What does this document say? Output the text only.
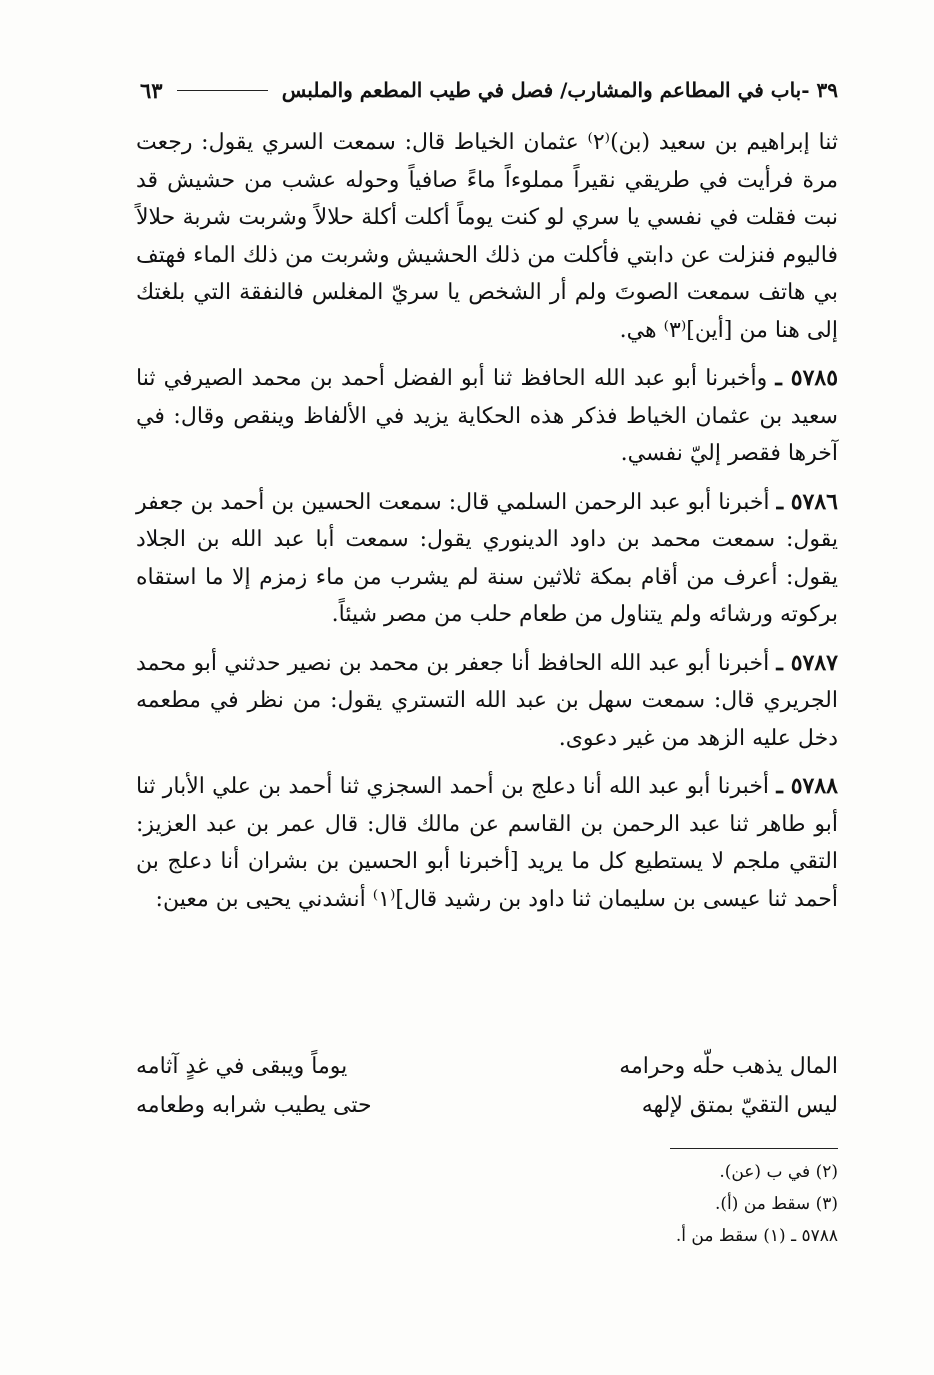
٣٩ -باب في المطاعم والمشارب/ فصل في طيب المطعم والملبس
٦٣

ثنا إبراهيم بن سعيد (بن)⁽٢⁾ عثمان الخياط قال: سمعت السري يقول: رجعت مرة فرأيت في طريقي نقيراً مملوءاً ماءً صافياً وحوله عشب من حشيش قد نبت فقلت في نفسي يا سري لو كنت يوماً أكلت أكلة حلالاً وشربت شربة حلالاً فاليوم فنزلت عن دابتي فأكلت من ذلك الحشيش وشربت من ذلك الماء فهتف بي هاتف سمعت الصوتَ ولم أر الشخص يا سريّ المغلس فالنفقة التي بلغتك إلى هنا من [أين]⁽٣⁾ هي.

٥٧٨٥ ـ وأخبرنا أبو عبد الله الحافظ ثنا أبو الفضل أحمد بن محمد الصيرفي ثنا سعيد بن عثمان الخياط فذكر هذه الحكاية يزيد في الألفاظ وينقص وقال: في آخرها فقصر إليّ نفسي.

٥٧٨٦ ـ أخبرنا أبو عبد الرحمن السلمي قال: سمعت الحسين بن أحمد بن جعفر يقول: سمعت محمد بن داود الدينوري يقول: سمعت أبا عبد الله بن الجلاد يقول: أعرف من أقام بمكة ثلاثين سنة لم يشرب من ماء زمزم إلا ما استقاه بركوته ورشائه ولم يتناول من طعام حلب من مصر شيئاً.

٥٧٨٧ ـ أخبرنا أبو عبد الله الحافظ أنا جعفر بن محمد بن نصير حدثني أبو محمد الجريري قال: سمعت سهل بن عبد الله التستري يقول: من نظر في مطعمه دخل عليه الزهد من غير دعوى.

٥٧٨٨ ـ أخبرنا أبو عبد الله أنا دعلج بن أحمد السجزي ثنا أحمد بن علي الأبار ثنا أبو طاهر ثنا عبد الرحمن بن القاسم عن مالك قال: قال عمر بن عبد العزيز: التقي ملجم لا يستطيع كل ما يريد [أخبرنا أبو الحسين بن بشران أنا دعلج بن أحمد ثنا عيسى بن سليمان ثنا داود بن رشيد قال]⁽١⁾ أنشدني يحيى بن معين:

المال يذهب حلّه وحرامه
يوماً ويبقى في غدٍ آثامه
ليس التقيّ بمتق لإلهه
حتى يطيب شرابه وطعامه
(٢) في ب (عن).
(٣) سقط من (أ).
٥٧٨٨ ـ (١) سقط من أ.
